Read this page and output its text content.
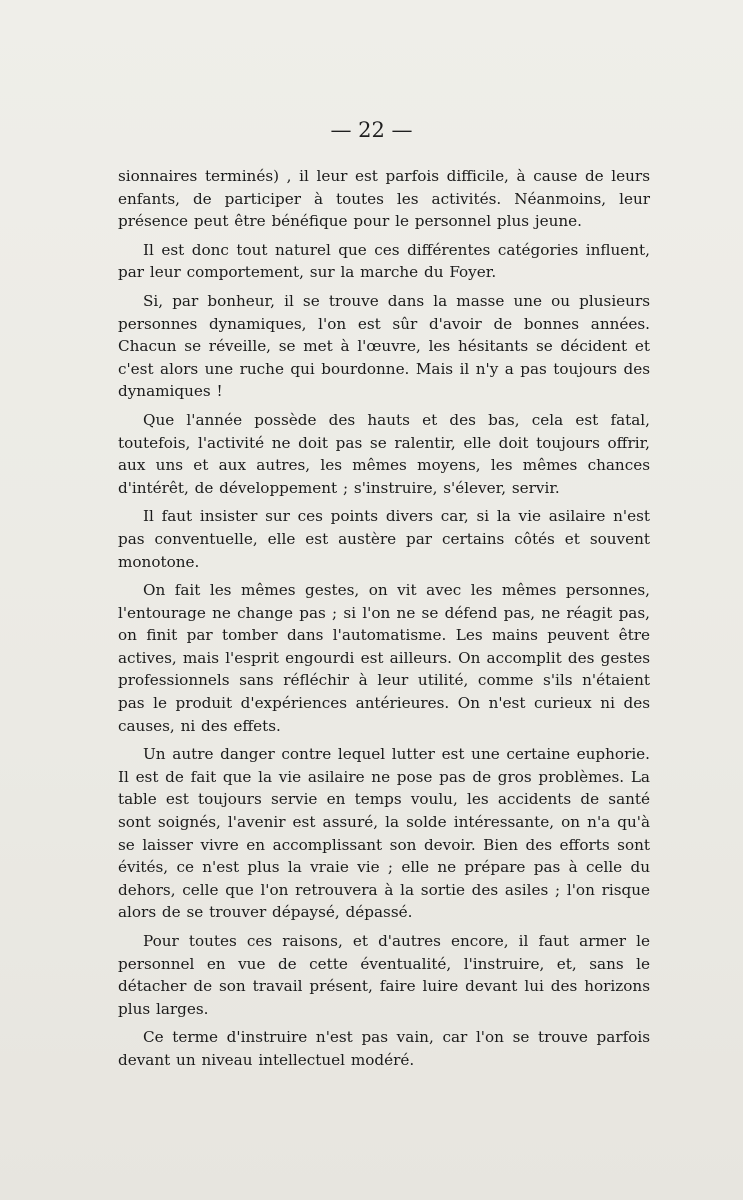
— 22 —

sionnaires terminés) , il leur est parfois difficile, à cause de leurs enfants, de participer à toutes les activités. Néanmoins, leur présence peut être bénéfique pour le personnel plus jeune.

Il est donc tout naturel que ces différentes catégories influent, par leur comportement, sur la marche du Foyer.

Si, par bonheur, il se trouve dans la masse une ou plusieurs personnes dynamiques, l'on est sûr d'avoir de bonnes années. Chacun se réveille, se met à l'œuvre, les hésitants se décident et c'est alors une ruche qui bourdonne. Mais il n'y a pas toujours des dynamiques !

Que l'année possède des hauts et des bas, cela est fatal, toutefois, l'activité ne doit pas se ralentir, elle doit toujours offrir, aux uns et aux autres, les mêmes moyens, les mêmes chances d'intérêt, de développement ; s'instruire, s'élever, servir.

Il faut insister sur ces points divers car, si la vie asilaire n'est pas conventuelle, elle est austère par certains côtés et souvent monotone.

On fait les mêmes gestes, on vit avec les mêmes personnes, l'entourage ne change pas ; si l'on ne se défend pas, ne réagit pas, on finit par tomber dans l'automatisme. Les mains peuvent être actives, mais l'esprit engourdi est ailleurs. On accomplit des gestes professionnels sans réfléchir à leur utilité, comme s'ils n'étaient pas le produit d'expériences antérieures. On n'est curieux ni des causes, ni des effets.

Un autre danger contre lequel lutter est une certaine euphorie. Il est de fait que la vie asilaire ne pose pas de gros problèmes. La table est toujours servie en temps voulu, les accidents de santé sont soignés, l'avenir est assuré, la solde intéressante, on n'a qu'à se laisser vivre en accomplissant son devoir. Bien des efforts sont évités, ce n'est plus la vraie vie ; elle ne prépare pas à celle du dehors, celle que l'on retrouvera à la sortie des asiles ; l'on risque alors de se trouver dépaysé, dépassé.

Pour toutes ces raisons, et d'autres encore, il faut armer le personnel en vue de cette éventualité, l'instruire, et, sans le détacher de son travail présent, faire luire devant lui des horizons plus larges.

Ce terme d'instruire n'est pas vain, car l'on se trouve parfois devant un niveau intellectuel modéré.
